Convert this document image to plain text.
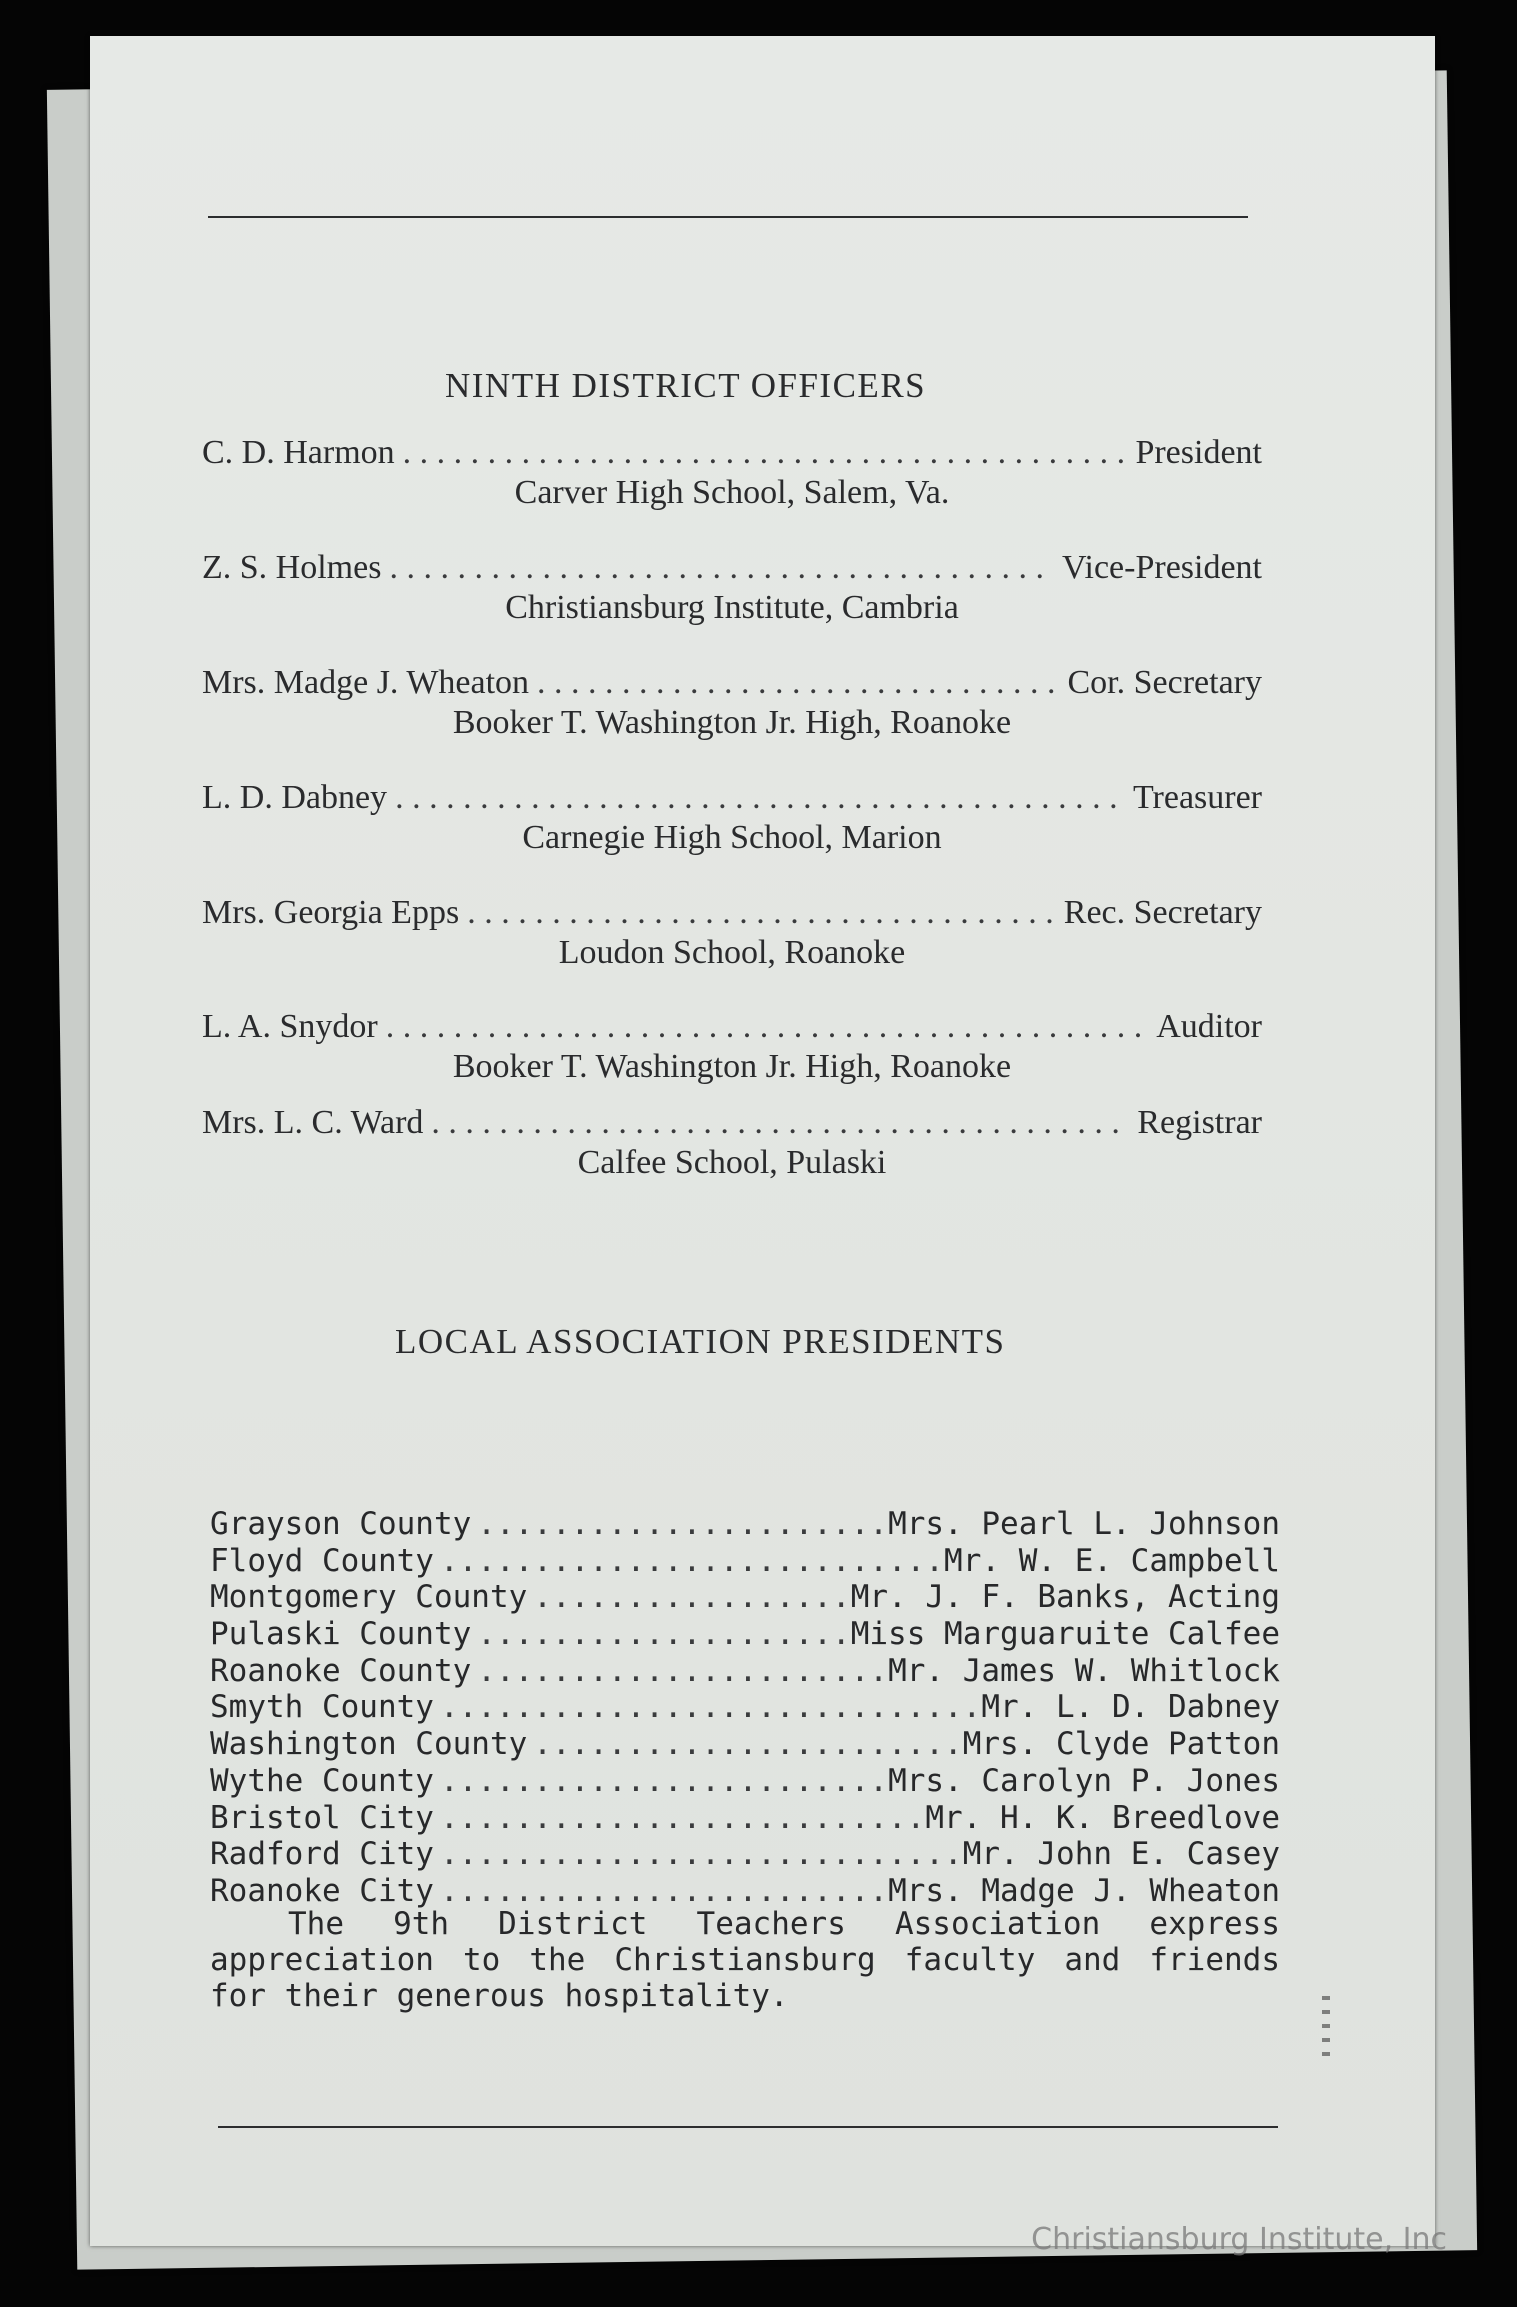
NINTH DISTRICT OFFICERS
C. D. Harmon . . .	President
Carver High School, Salem, Va.
Z. S. Holmes . . .	Vice-President
Christiansburg Institute, Cambria
Mrs. Madge J. Wheaton . . .	Cor. Secretary
Booker T. Washington Jr. High, Roanoke
L. D. Dabney . . .	Treasurer
Carnegie High School, Marion
Mrs. Georgia Epps . . .	Rec. Secretary
Loudon School, Roanoke
L. A. Snydor . . .	Auditor
Booker T. Washington Jr. High, Roanoke
Mrs. L. C. Ward . . .	Registrar
Calfee School, Pulaski
LOCAL ASSOCIATION PRESIDENTS
Grayson County .....	Mrs. Pearl L. Johnson
Floyd County .....	Mr. W. E. Campbell
Montgomery County .....	Mr. J. F. Banks, Acting
Pulaski County .....	Miss Marguaruite Calfee
Roanoke County .....	Mr. James W. Whitlock
Smyth County .....	Mr. L. D. Dabney
Washington County .....	Mrs. Clyde Patton
Wythe County .....	Mrs. Carolyn P. Jones
Bristol City .....	Mr. H. K. Breedlove
Radford City .....	Mr. John E. Casey
Roanoke City .....	Mrs. Madge J. Wheaton

The 9th District Teachers Association express appreciation to the Christiansburg faculty and friends for their generous hospitality.

Christiansburg Institute, Inc
